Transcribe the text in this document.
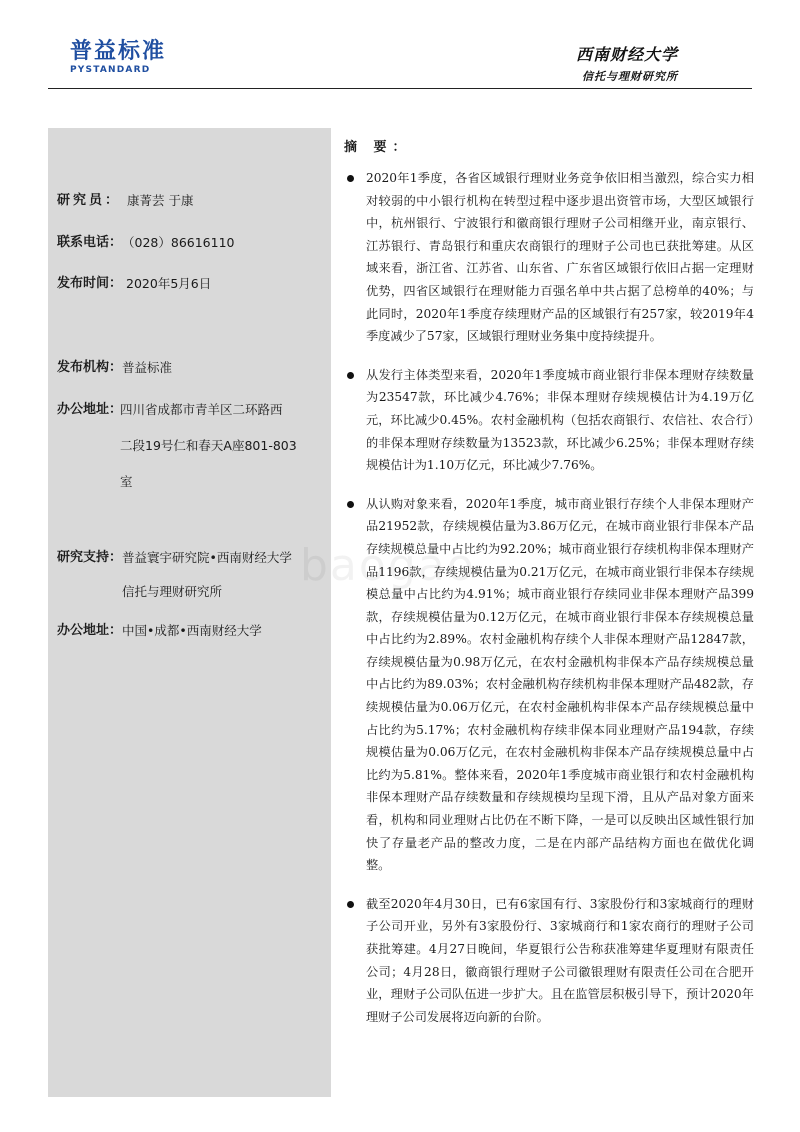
普益标准
PYSTANDARD
西南财经大学
信托与理财研究所
研究员： 康菁芸 于康
联系电话： （028）86616110
发布时间： 2020年5月6日
发布机构： 普益标准
办公地址：
四川省成都市青羊区二环路西
二段19号仁和春天A座801-803
室
研究支持： 普益寰宇研究院•西南财经大学
信托与理财研究所
办公地址： 中国•成都•西南财经大学
baogao
摘 要：
2020年1季度，各省区域银行理财业务竞争依旧相当激烈，综合实力相对较弱的中小银行机构在转型过程中逐步退出资管市场，大型区域银行中，杭州银行、宁波银行和徽商银行理财子公司相继开业，南京银行、江苏银行、青岛银行和重庆农商银行的理财子公司也已获批筹建。从区域来看，浙江省、江苏省、山东省、广东省区域银行依旧占据一定理财优势，四省区域银行在理财能力百强名单中共占据了总榜单的40%；与此同时，2020年1季度存续理财产品的区域银行有257家，较2019年4季度减少了57家，区域银行理财业务集中度持续提升。
从发行主体类型来看，2020年1季度城市商业银行非保本理财存续数量为23547款，环比减少4.76%；非保本理财存续规模估计为4.19万亿元，环比减少0.45%。农村金融机构（包括农商银行、农信社、农合行）的非保本理财存续数量为13523款，环比减少6.25%；非保本理财存续规模估计为1.10万亿元，环比减少7.76%。
从认购对象来看，2020年1季度，城市商业银行存续个人非保本理财产品21952款，存续规模估量为3.86万亿元，在城市商业银行非保本产品存续规模总量中占比约为92.20%；城市商业银行存续机构非保本理财产品1196款，存续规模估量为0.21万亿元，在城市商业银行非保本存续规模总量中占比约为4.91%；城市商业银行存续同业非保本理财产品399款，存续规模估量为0.12万亿元，在城市商业银行非保本存续规模总量中占比约为2.89%。农村金融机构存续个人非保本理财产品12847款，存续规模估量为0.98万亿元，在农村金融机构非保本产品存续规模总量中占比约为89.03%；农村金融机构存续机构非保本理财产品482款，存续规模估量为0.06万亿元，在农村金融机构非保本产品存续规模总量中占比约为5.17%；农村金融机构存续非保本同业理财产品194款，存续规模估量为0.06万亿元，在农村金融机构非保本产品存续规模总量中占比约为5.81%。整体来看，2020年1季度城市商业银行和农村金融机构非保本理财产品存续数量和存续规模均呈现下滑，且从产品对象方面来看，机构和同业理财占比仍在不断下降，一是可以反映出区域性银行加快了存量老产品的整改力度，二是在内部产品结构方面也在做优化调整。
截至2020年4月30日，已有6家国有行、3家股份行和3家城商行的理财子公司开业，另外有3家股份行、3家城商行和1家农商行的理财子公司获批筹建。4月27日晚间，华夏银行公告称获准筹建华夏理财有限责任公司；4月28日，徽商银行理财子公司徽银理财有限责任公司在合肥开业，理财子公司队伍进一步扩大。且在监管层积极引导下，预计2020年理财子公司发展将迈向新的台阶。
